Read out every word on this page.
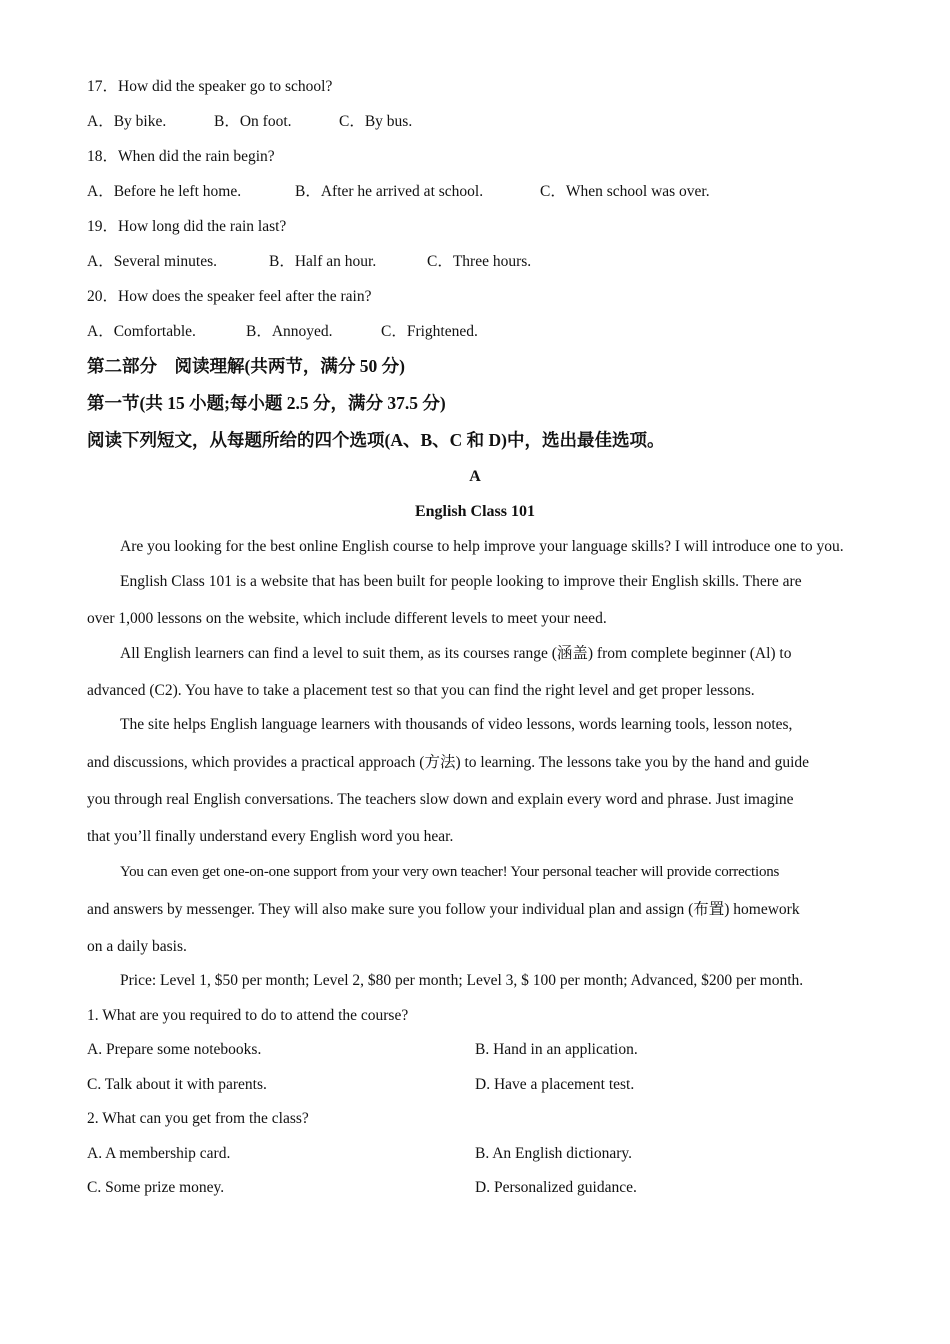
17．How did the speaker go to school?
A．By bike.	B．On foot.	C．By bus.
18．When did the rain begin?
A．Before he left home.	B．After he arrived at school.	C．When school was over.
19．How long did the rain last?
A．Several minutes.	B．Half an hour.	C．Three hours.
20．How does the speaker feel after the rain?
A．Comfortable.	B．Annoyed.	C．Frightened.
第二部分　阅读理解(共两节，满分 50 分)
第一节(共 15 小题;每小题 2.5 分，满分 37.5 分)
阅读下列短文，从每题所给的四个选项(A、B、C 和 D)中，选出最佳选项。
A
English Class 101
Are you looking for the best online English course to help improve your language skills? I will introduce one to you.
English Class 101 is a website that has been built for people looking to improve their English skills. There are
over 1,000 lessons on the website, which include different levels to meet your need.
All English learners can find a level to suit them, as its courses range (涵盖) from complete beginner (Al) to
advanced (C2). You have to take a placement test so that you can find the right level and get proper lessons.
The site helps English language learners with thousands of video lessons, words learning tools, lesson notes,
and discussions, which provides a practical approach (方法) to learning. The lessons take you by the hand and guide
you through real English conversations. The teachers slow down and explain every word and phrase. Just imagine
that you’ll finally understand every English word you hear.
You can even get one-on-one support from your very own teacher! Your personal teacher will provide corrections
and answers by messenger. They will also make sure you follow your individual plan and assign (布置) homework
on a daily basis.
Price: Level 1, $50 per month; Level 2, $80 per month; Level 3, $ 100 per month; Advanced, $200 per month.
1. What are you required to do to attend the course?
A. Prepare some notebooks.	B. Hand in an application.
C. Talk about it with parents.	D. Have a placement test.
2. What can you get from the class?
A. A membership card.	B. An English dictionary.
C. Some prize money.	D. Personalized guidance.
